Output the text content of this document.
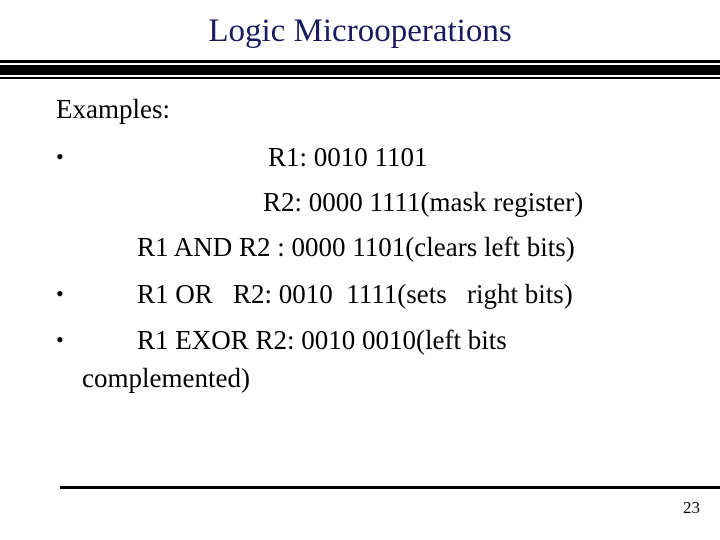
Logic Microoperations
Examples:
•	R1: 0010 1101
R2: 0000 1111(mask register)
R1 AND R2 : 0000 1101(clears left bits)
•	R1 OR   R2: 0010  1111(sets   right bits)
•	R1 EXOR R2: 0010 0010(left bits
complemented)
23
